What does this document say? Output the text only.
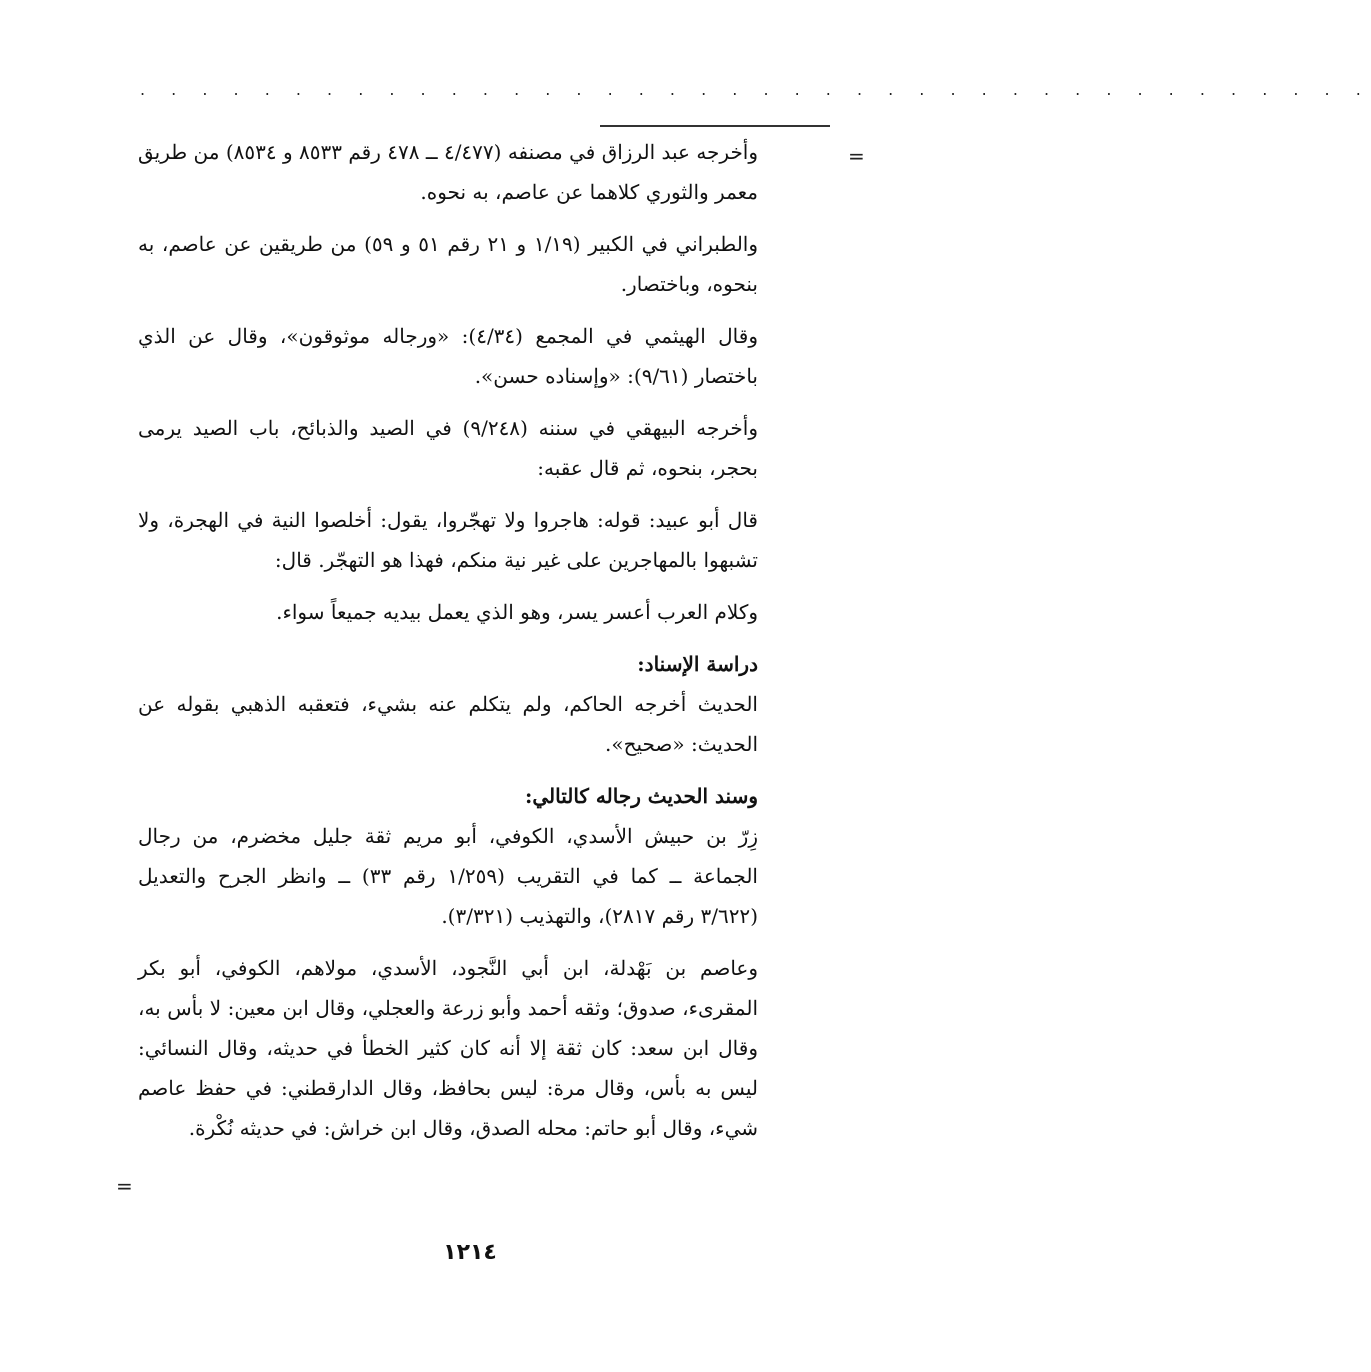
. . . . . . . . . . . . . . . . . . . . . . . . . . . . . . . . . . . . . . . .
=
=

وأخرجه عبد الرزاق في مصنفه (٤/٤٧٧ ــ ٤٧٨ رقم ٨٥٣٣ و ٨٥٣٤) من طريق معمر والثوري كلاهما عن عاصم، به نحوه.

والطبراني في الكبير (١/١٩ و ٢١ رقم ٥١ و ٥٩) من طريقين عن عاصم، به بنحوه، وباختصار.

وقال الهيثمي في المجمع (٤/٣٤): «ورجاله موثوقون»، وقال عن الذي باختصار (٩/٦١): «وإسناده حسن».

وأخرجه البيهقي في سننه (٩/٢٤٨) في الصيد والذبائح، باب الصيد يرمى بحجر، بنحوه، ثم قال عقبه:

قال أبو عبيد: قوله: هاجروا ولا تهجّروا، يقول: أخلصوا النية في الهجرة، ولا تشبهوا بالمهاجرين على غير نية منكم، فهذا هو التهجّر. قال:

وكلام العرب أعسر يسر، وهو الذي يعمل بيديه جميعاً سواء.

دراسة الإسناد:

الحديث أخرجه الحاكم، ولم يتكلم عنه بشيء، فتعقبه الذهبي بقوله عن الحديث: «صحيح».

وسند الحديث رجاله كالتالي:

زِرّ بن حبيش الأسدي، الكوفي، أبو مريم ثقة جليل مخضرم، من رجال الجماعة ــ كما في التقريب (١/٢٥٩ رقم ٣٣) ــ وانظر الجرح والتعديل (٣/٦٢٢ رقم ٢٨١٧)، والتهذيب (٣/٣٢١).

وعاصم بن بَهْدلة، ابن أبي النَّجود، الأسدي، مولاهم، الكوفي، أبو بكر المقرىء، صدوق؛ وثقه أحمد وأبو زرعة والعجلي، وقال ابن معين: لا بأس به، وقال ابن سعد: كان ثقة إلا أنه كان كثير الخطأ في حديثه، وقال النسائي: ليس به بأس، وقال مرة: ليس بحافظ، وقال الدارقطني: في حفظ عاصم شيء، وقال أبو حاتم: محله الصدق، وقال ابن خراش: في حديثه نُكْرة.

١٢١٤
